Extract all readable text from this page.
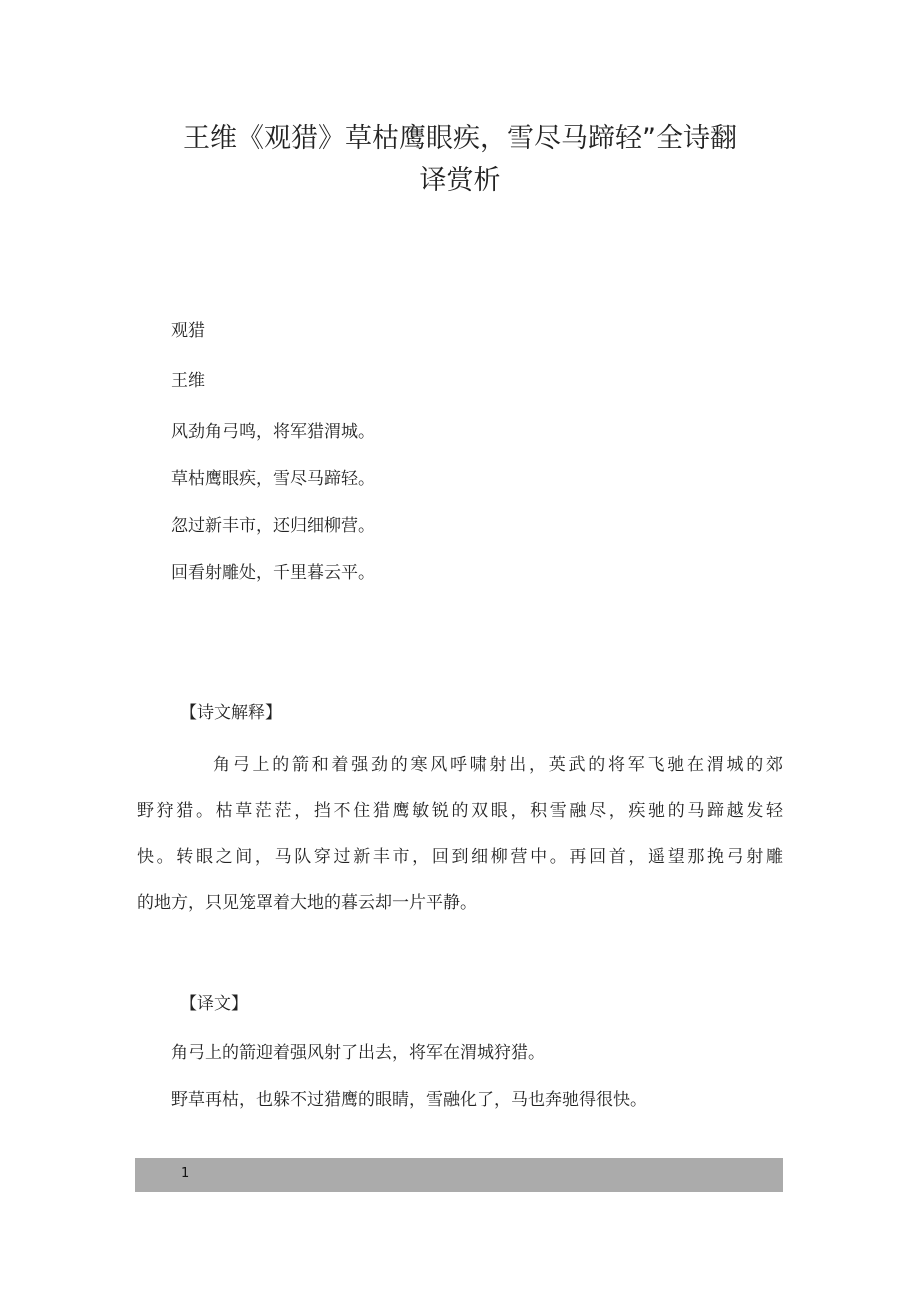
王维《观猎》草枯鹰眼疾，雪尽马蹄轻”全诗翻
译赏析
观猎
王维
风劲角弓鸣，将军猎渭城。
草枯鹰眼疾，雪尽马蹄轻。
忽过新丰市，还归细柳营。
回看射雕处，千里暮云平。
【诗文解释】
角弓上的箭和着强劲的寒风呼啸射出，英武的将军飞驰在渭城的郊
野狩猎。枯草茫茫，挡不住猎鹰敏锐的双眼，积雪融尽，疾驰的马蹄越发轻
快。转眼之间，马队穿过新丰市，回到细柳营中。再回首，遥望那挽弓射雕
的地方，只见笼罩着大地的暮云却一片平静。
【译文】
角弓上的箭迎着强风射了出去，将军在渭城狩猎。
野草再枯，也躲不过猎鹰的眼睛，雪融化了，马也奔驰得很快。
1
